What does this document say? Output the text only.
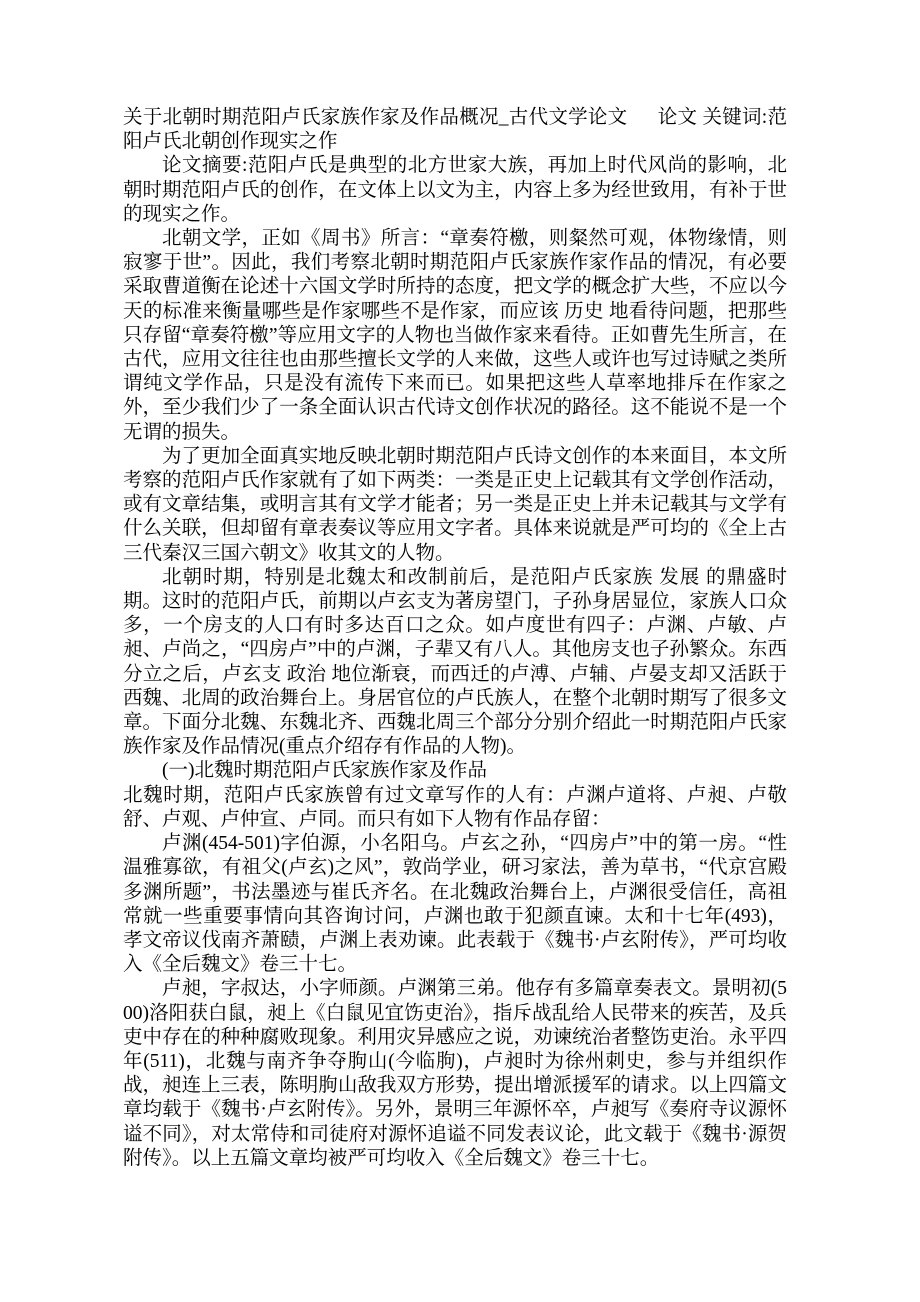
关于北朝时期范阳卢氏家族作家及作品概况_古代文学论文 论文 关键词:范阳卢氏北朝创作现实之作

论文摘要:范阳卢氏是典型的北方世家大族，再加上时代风尚的影响，北朝时期范阳卢氏的创作，在文体上以文为主，内容上多为经世致用，有补于世的现实之作。

北朝文学，正如《周书》所言：“章奏符檄，则粲然可观，体物缘情，则寂寥于世”。因此，我们考察北朝时期范阳卢氏家族作家作品的情况，有必要采取曹道衡在论述十六国文学时所持的态度，把文学的概念扩大些，不应以今天的标准来衡量哪些是作家哪些不是作家，而应该 历史 地看待问题，把那些只存留“章奏符檄”等应用文字的人物也当做作家来看待。正如曹先生所言，在古代，应用文往往也由那些擅长文学的人来做，这些人或许也写过诗赋之类所谓纯文学作品，只是没有流传下来而已。如果把这些人草率地排斥在作家之外，至少我们少了一条全面认识古代诗文创作状况的路径。这不能说不是一个无谓的损失。

为了更加全面真实地反映北朝时期范阳卢氏诗文创作的本来面目，本文所考察的范阳卢氏作家就有了如下两类：一类是正史上记载其有文学创作活动，或有文章结集，或明言其有文学才能者；另一类是正史上并未记载其与文学有什么关联，但却留有章表奏议等应用文字者。具体来说就是严可均的《全上古三代秦汉三国六朝文》收其文的人物。

北朝时期，特别是北魏太和改制前后，是范阳卢氏家族 发展 的鼎盛时期。这时的范阳卢氏，前期以卢玄支为著房望门，子孙身居显位，家族人口众多，一个房支的人口有时多达百口之众。如卢度世有四子：卢渊、卢敏、卢昶、卢尚之，“四房卢”中的卢渊，子辈又有八人。其他房支也子孙繁众。东西分立之后，卢玄支 政治 地位渐衰，而西迁的卢溥、卢辅、卢晏支却又活跃于西魏、北周的政治舞台上。身居官位的卢氏族人，在整个北朝时期写了很多文章。下面分北魏、东魏北齐、西魏北周三个部分分别介绍此一时期范阳卢氏家族作家及作品情况(重点介绍存有作品的人物)。

(一)北魏时期范阳卢氏家族作家及作品

北魏时期，范阳卢氏家族曾有过文章写作的人有：卢渊卢道将、卢昶、卢敬舒、卢观、卢仲宣、卢同。而只有如下人物有作品存留：

卢渊(454-501)字伯源，小名阳乌。卢玄之孙，“四房卢”中的第一房。“性温雅寡欲，有祖父(卢玄)之风”，敦尚学业，研习家法，善为草书，“代京宫殿多渊所题”，书法墨迹与崔氏齐名。在北魏政治舞台上，卢渊很受信任，高祖常就一些重要事情向其咨询讨问，卢渊也敢于犯颜直谏。太和十七年(493)，孝文帝议伐南齐萧赜，卢渊上表劝谏。此表载于《魏书·卢玄附传》，严可均收入《全后魏文》卷三十七。

卢昶，字叔达，小字师颜。卢渊第三弟。他存有多篇章奏表文。景明初(500)洛阳获白鼠，昶上《白鼠见宜饬吏治》，指斥战乱给人民带来的疾苦，及兵吏中存在的种种腐败现象。利用灾异感应之说，劝谏统治者整饬吏治。永平四年(511)，北魏与南齐争夺朐山(今临朐)，卢昶时为徐州刺史，参与并组织作战，昶连上三表，陈明朐山敌我双方形势，提出增派援军的请求。以上四篇文章均载于《魏书·卢玄附传》。另外，景明三年源怀卒，卢昶写《奏府寺议源怀谥不同》，对太常侍和司徒府对源怀追谥不同发表议论，此文载于《魏书·源贺附传》。以上五篇文章均被严可均收入《全后魏文》卷三十七。
